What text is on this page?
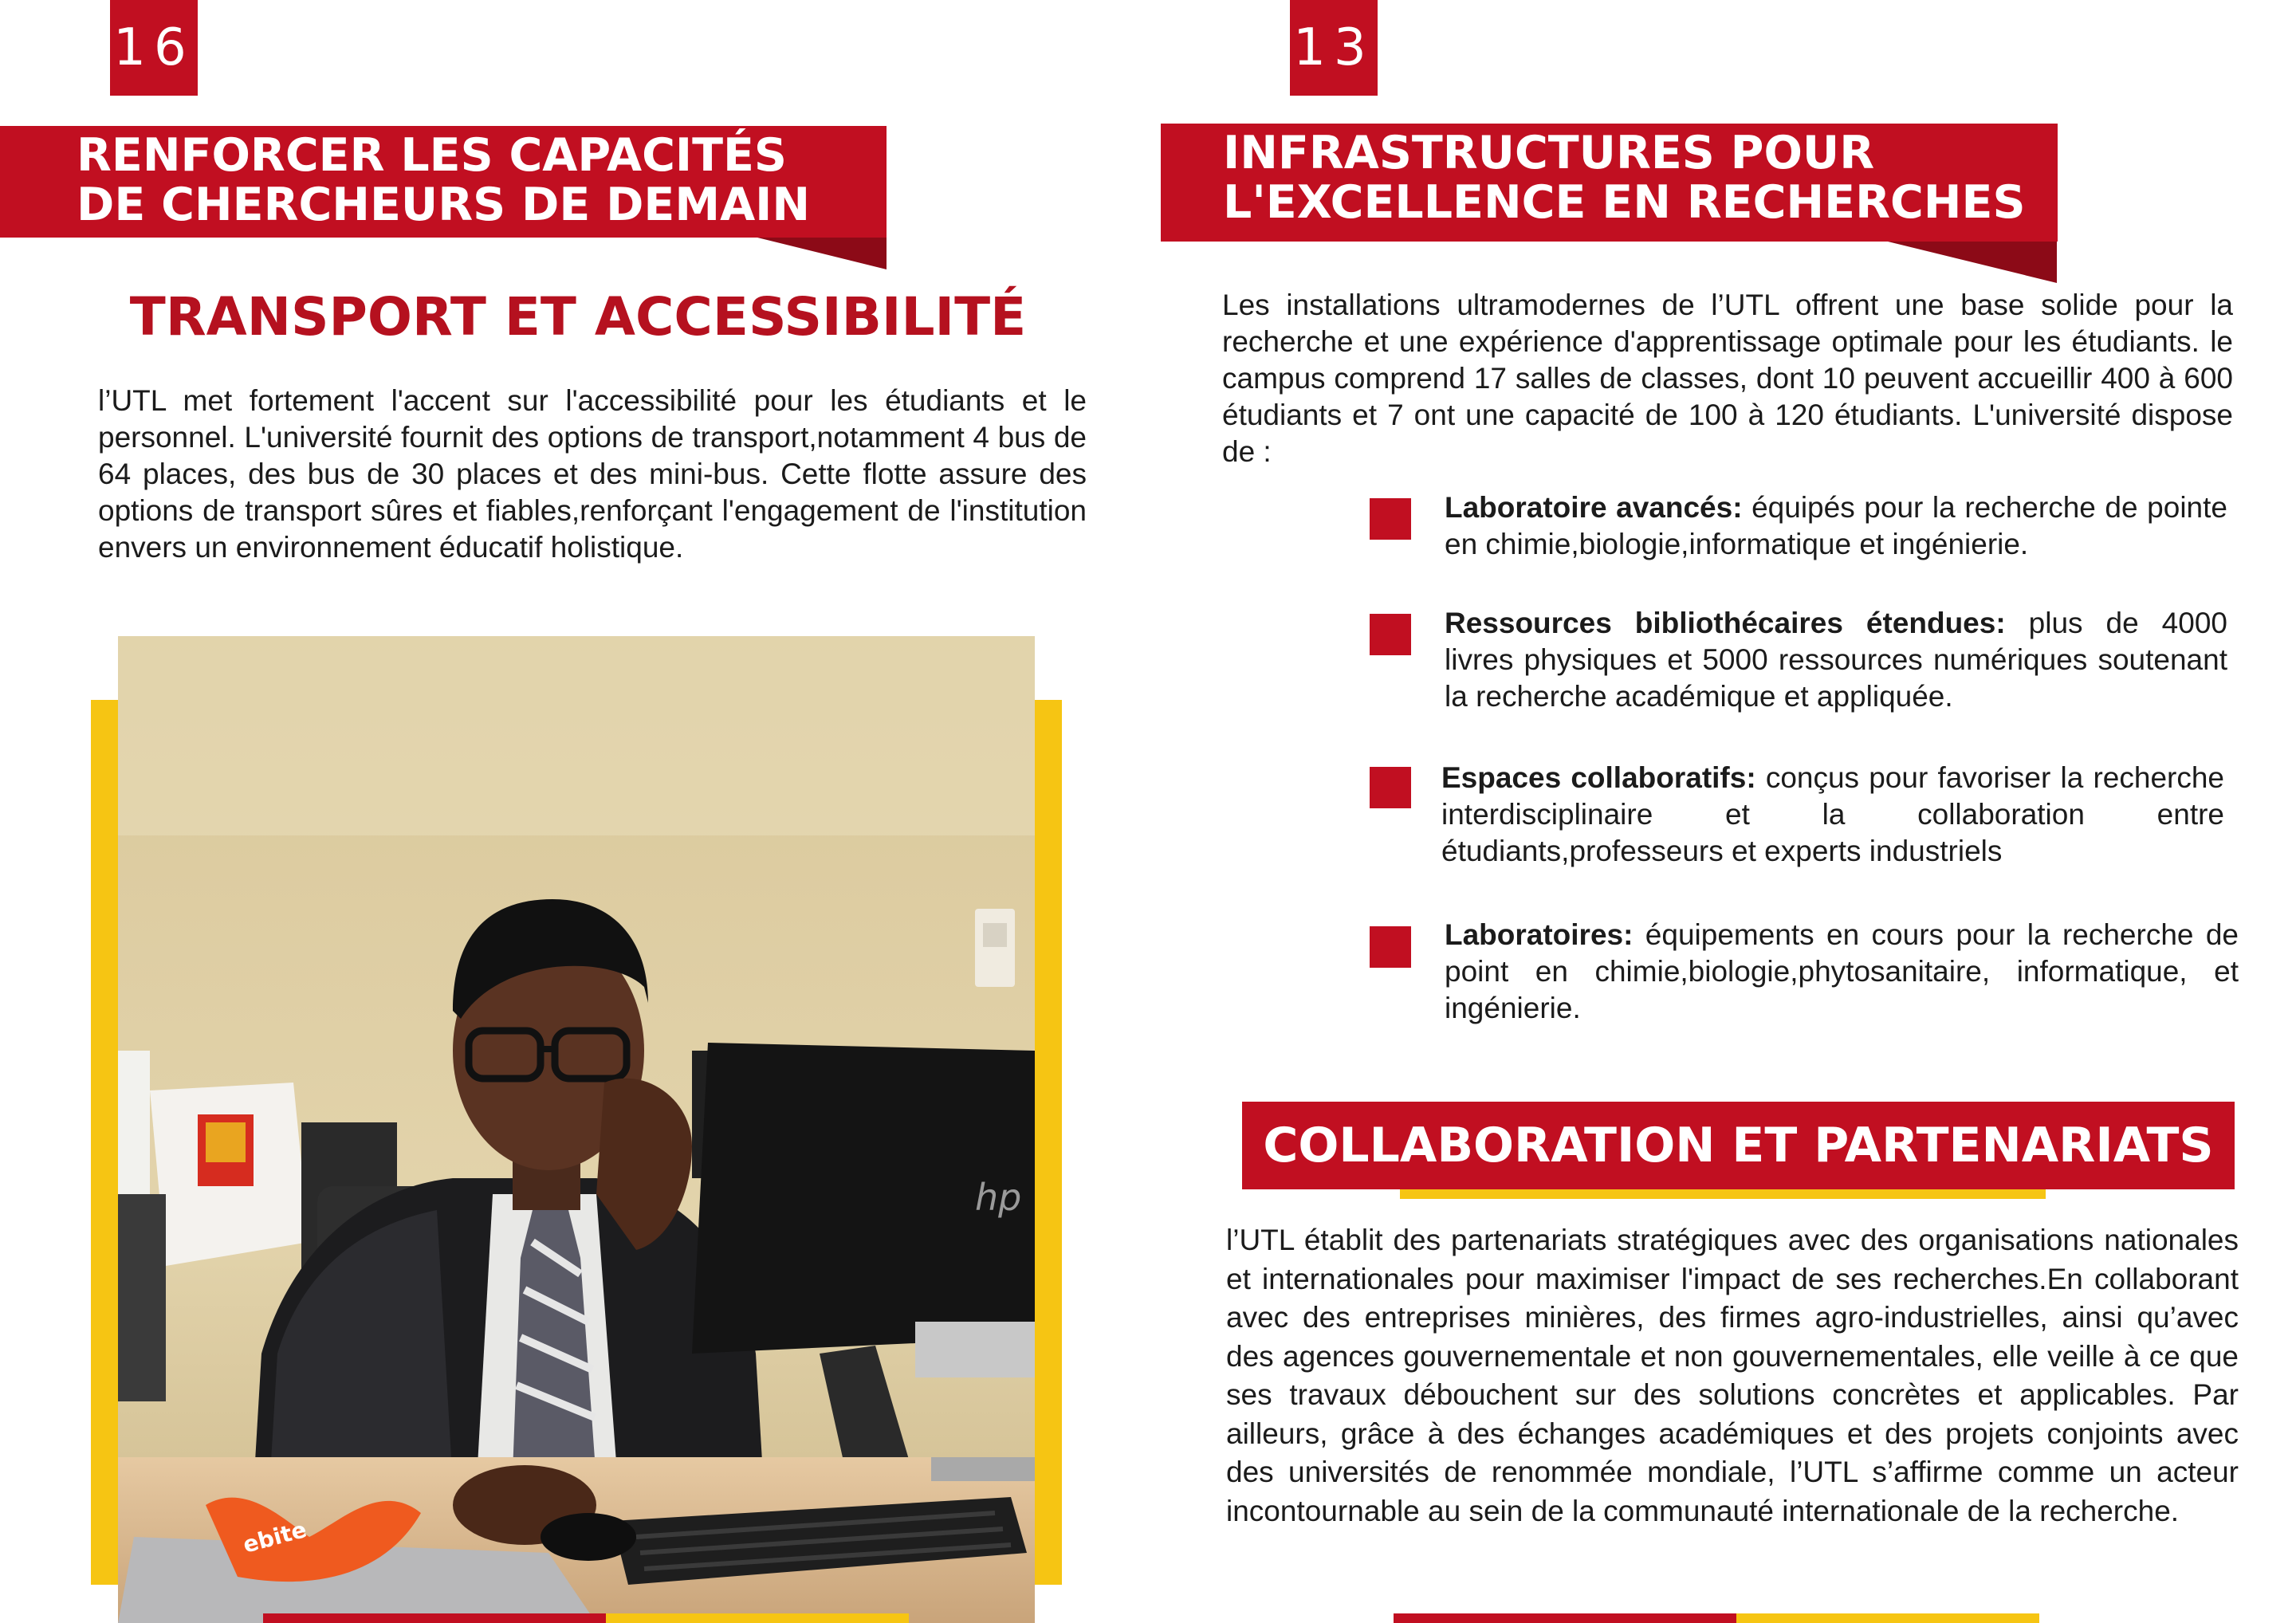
16
RENFORCER LES CAPACITÉS
DE CHERCHEURS DE DEMAIN
TRANSPORT ET ACCESSIBILITÉ
l’UTL met fortement l'accent sur l'accessibilité pour les étudiants et le personnel. L'université fournit des options de transport,notamment 4 bus de 64 places, des bus de 30 places et des mini-bus. Cette flotte assure des options de transport sûres et fiables,renforçant l'engagement de l'institution envers un environnement éducatif holistique.
hp
ebite
13
INFRASTRUCTURES POUR
L'EXCELLENCE EN RECHERCHES
Les installations ultramodernes de l’UTL offrent une base solide pour la recherche et une expérience d'apprentissage optimale pour les étudiants. le campus comprend 17 salles de classes, dont 10 peuvent accueillir 400 à 600 étudiants et 7 ont une capacité de 100 à 120 étudiants. L'université dispose de :
Laboratoire avancés: équipés pour la recherche de pointe en chimie,biologie,informatique et ingénierie.
Ressources bibliothécaires étendues: plus de 4000 livres physiques et 5000 ressources numériques soutenant la recherche académique et appliquée.
Espaces collaboratifs: conçus pour favoriser la recherche interdisciplinaire et la collaboration entre étudiants,professeurs et experts industriels
Laboratoires: équipements en cours pour la recherche de point en chimie,biologie,phytosanitaire, informatique, et ingénierie.
COLLABORATION ET PARTENARIATS
l’UTL établit des partenariats stratégiques avec des organisations nationales et internationales pour maximiser l'impact de ses recherches.En collaborant avec des entreprises minières, des firmes agro-industrielles, ainsi qu’avec des agences gouvernementale et non gouvernementales, elle veille à ce que ses travaux débouchent sur des solutions concrètes et applicables. Par ailleurs, grâce à des échanges académiques et des projets conjoints avec des universités de renommée mondiale, l’UTL s’affirme comme un acteur incontournable au sein de la communauté internationale de la recherche.
